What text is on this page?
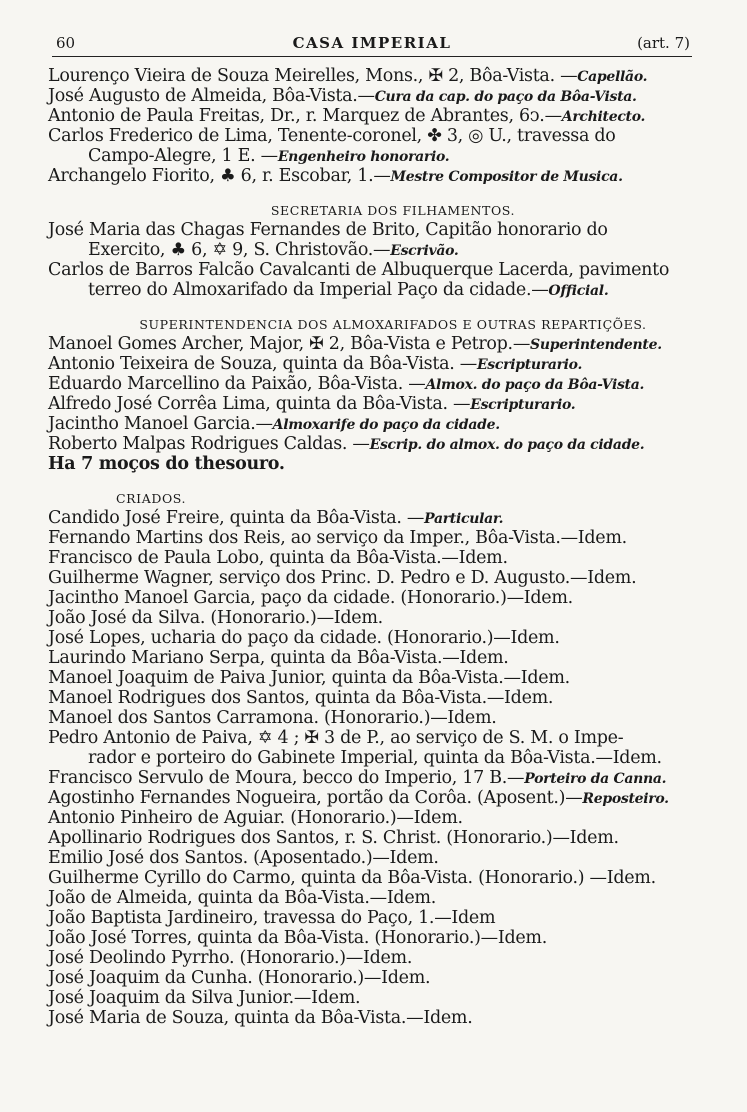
60	CASA IMPERIAL	(art. 7)
Lourenço Vieira de Souza Meirelles, Mons., ✠ 2, Bôa-Vista. —Capellão.
José Augusto de Almeida, Bôa-Vista.—Cura da cap. do paço da Bôa-Vista.
Antonio de Paula Freitas, Dr., r. Marquez de Abrantes, 6ↄ.—Architecto.
Carlos Frederico de Lima, Tenente-coronel, ✤ 3, ◎ U., travessa do
Campo-Alegre, 1 E. —Engenheiro honorario.
Archangelo Fiorito, ♣ 6, r. Escobar, 1.—Mestre Compositor de Musica.
SECRETARIA DOS FILHAMENTOS.
José Maria das Chagas Fernandes de Brito, Capitão honorario do
Exercito, ♣ 6, ✡ 9, S. Christovão.—Escrivão.
Carlos de Barros Falcão Cavalcanti de Albuquerque Lacerda, pavimento
terreo do Almoxarifado da Imperial Paço da cidade.—Official.
SUPERINTENDENCIA DOS ALMOXARIFADOS E OUTRAS REPARTIÇÕES.
Manoel Gomes Archer, Major, ✠ 2, Bôa-Vista e Petrop.—Superintendente.
Antonio Teixeira de Souza, quinta da Bôa-Vista. —Escripturario.
Eduardo Marcellino da Paixão, Bôa-Vista. —Almox. do paço da Bôa-Vista.
Alfredo José Corrêa Lima, quinta da Bôa-Vista. —Escripturario.
Jacintho Manoel Garcia.—Almoxarife do paço da cidade.
Roberto Malpas Rodrigues Caldas. —Escrip. do almox. do paço da cidade.
Ha 7 moços do thesouro.
CRIADOS.
Candido José Freire, quinta da Bôa-Vista. —Particular.
Fernando Martins dos Reis, ao serviço da Imper., Bôa-Vista.—Idem.
Francisco de Paula Lobo, quinta da Bôa-Vista.—Idem.
Guilherme Wagner, serviço dos Princ. D. Pedro e D. Augusto.—Idem.
Jacintho Manoel Garcia, paço da cidade. (Honorario.)—Idem.
João José da Silva. (Honorario.)—Idem.
José Lopes, ucharia do paço da cidade. (Honorario.)—Idem.
Laurindo Mariano Serpa, quinta da Bôa-Vista.—Idem.
Manoel Joaquim de Paiva Junior, quinta da Bôa-Vista.—Idem.
Manoel Rodrigues dos Santos, quinta da Bôa-Vista.—Idem.
Manoel dos Santos Carramona. (Honorario.)—Idem.
Pedro Antonio de Paiva, ✡ 4 ; ✠ 3 de P., ao serviço de S. M. o Impe-
rador e porteiro do Gabinete Imperial, quinta da Bôa-Vista.—Idem.
Francisco Servulo de Moura, becco do Imperio, 17 B.—Porteiro da Canna.
Agostinho Fernandes Nogueira, portão da Corôa. (Aposent.)—Reposteiro.
Antonio Pinheiro de Aguiar. (Honorario.)—Idem.
Apollinario Rodrigues dos Santos, r. S. Christ. (Honorario.)—Idem.
Emilio José dos Santos. (Aposentado.)—Idem.
Guilherme Cyrillo do Carmo, quinta da Bôa-Vista. (Honorario.) —Idem.
João de Almeida, quinta da Bôa-Vista.—Idem.
João Baptista Jardineiro, travessa do Paço, 1.—Idem
João José Torres, quinta da Bôa-Vista. (Honorario.)—Idem.
José Deolindo Pyrrho. (Honorario.)—Idem.
José Joaquim da Cunha. (Honorario.)—Idem.
José Joaquim da Silva Junior.—Idem.
José Maria de Souza, quinta da Bôa-Vista.—Idem.
